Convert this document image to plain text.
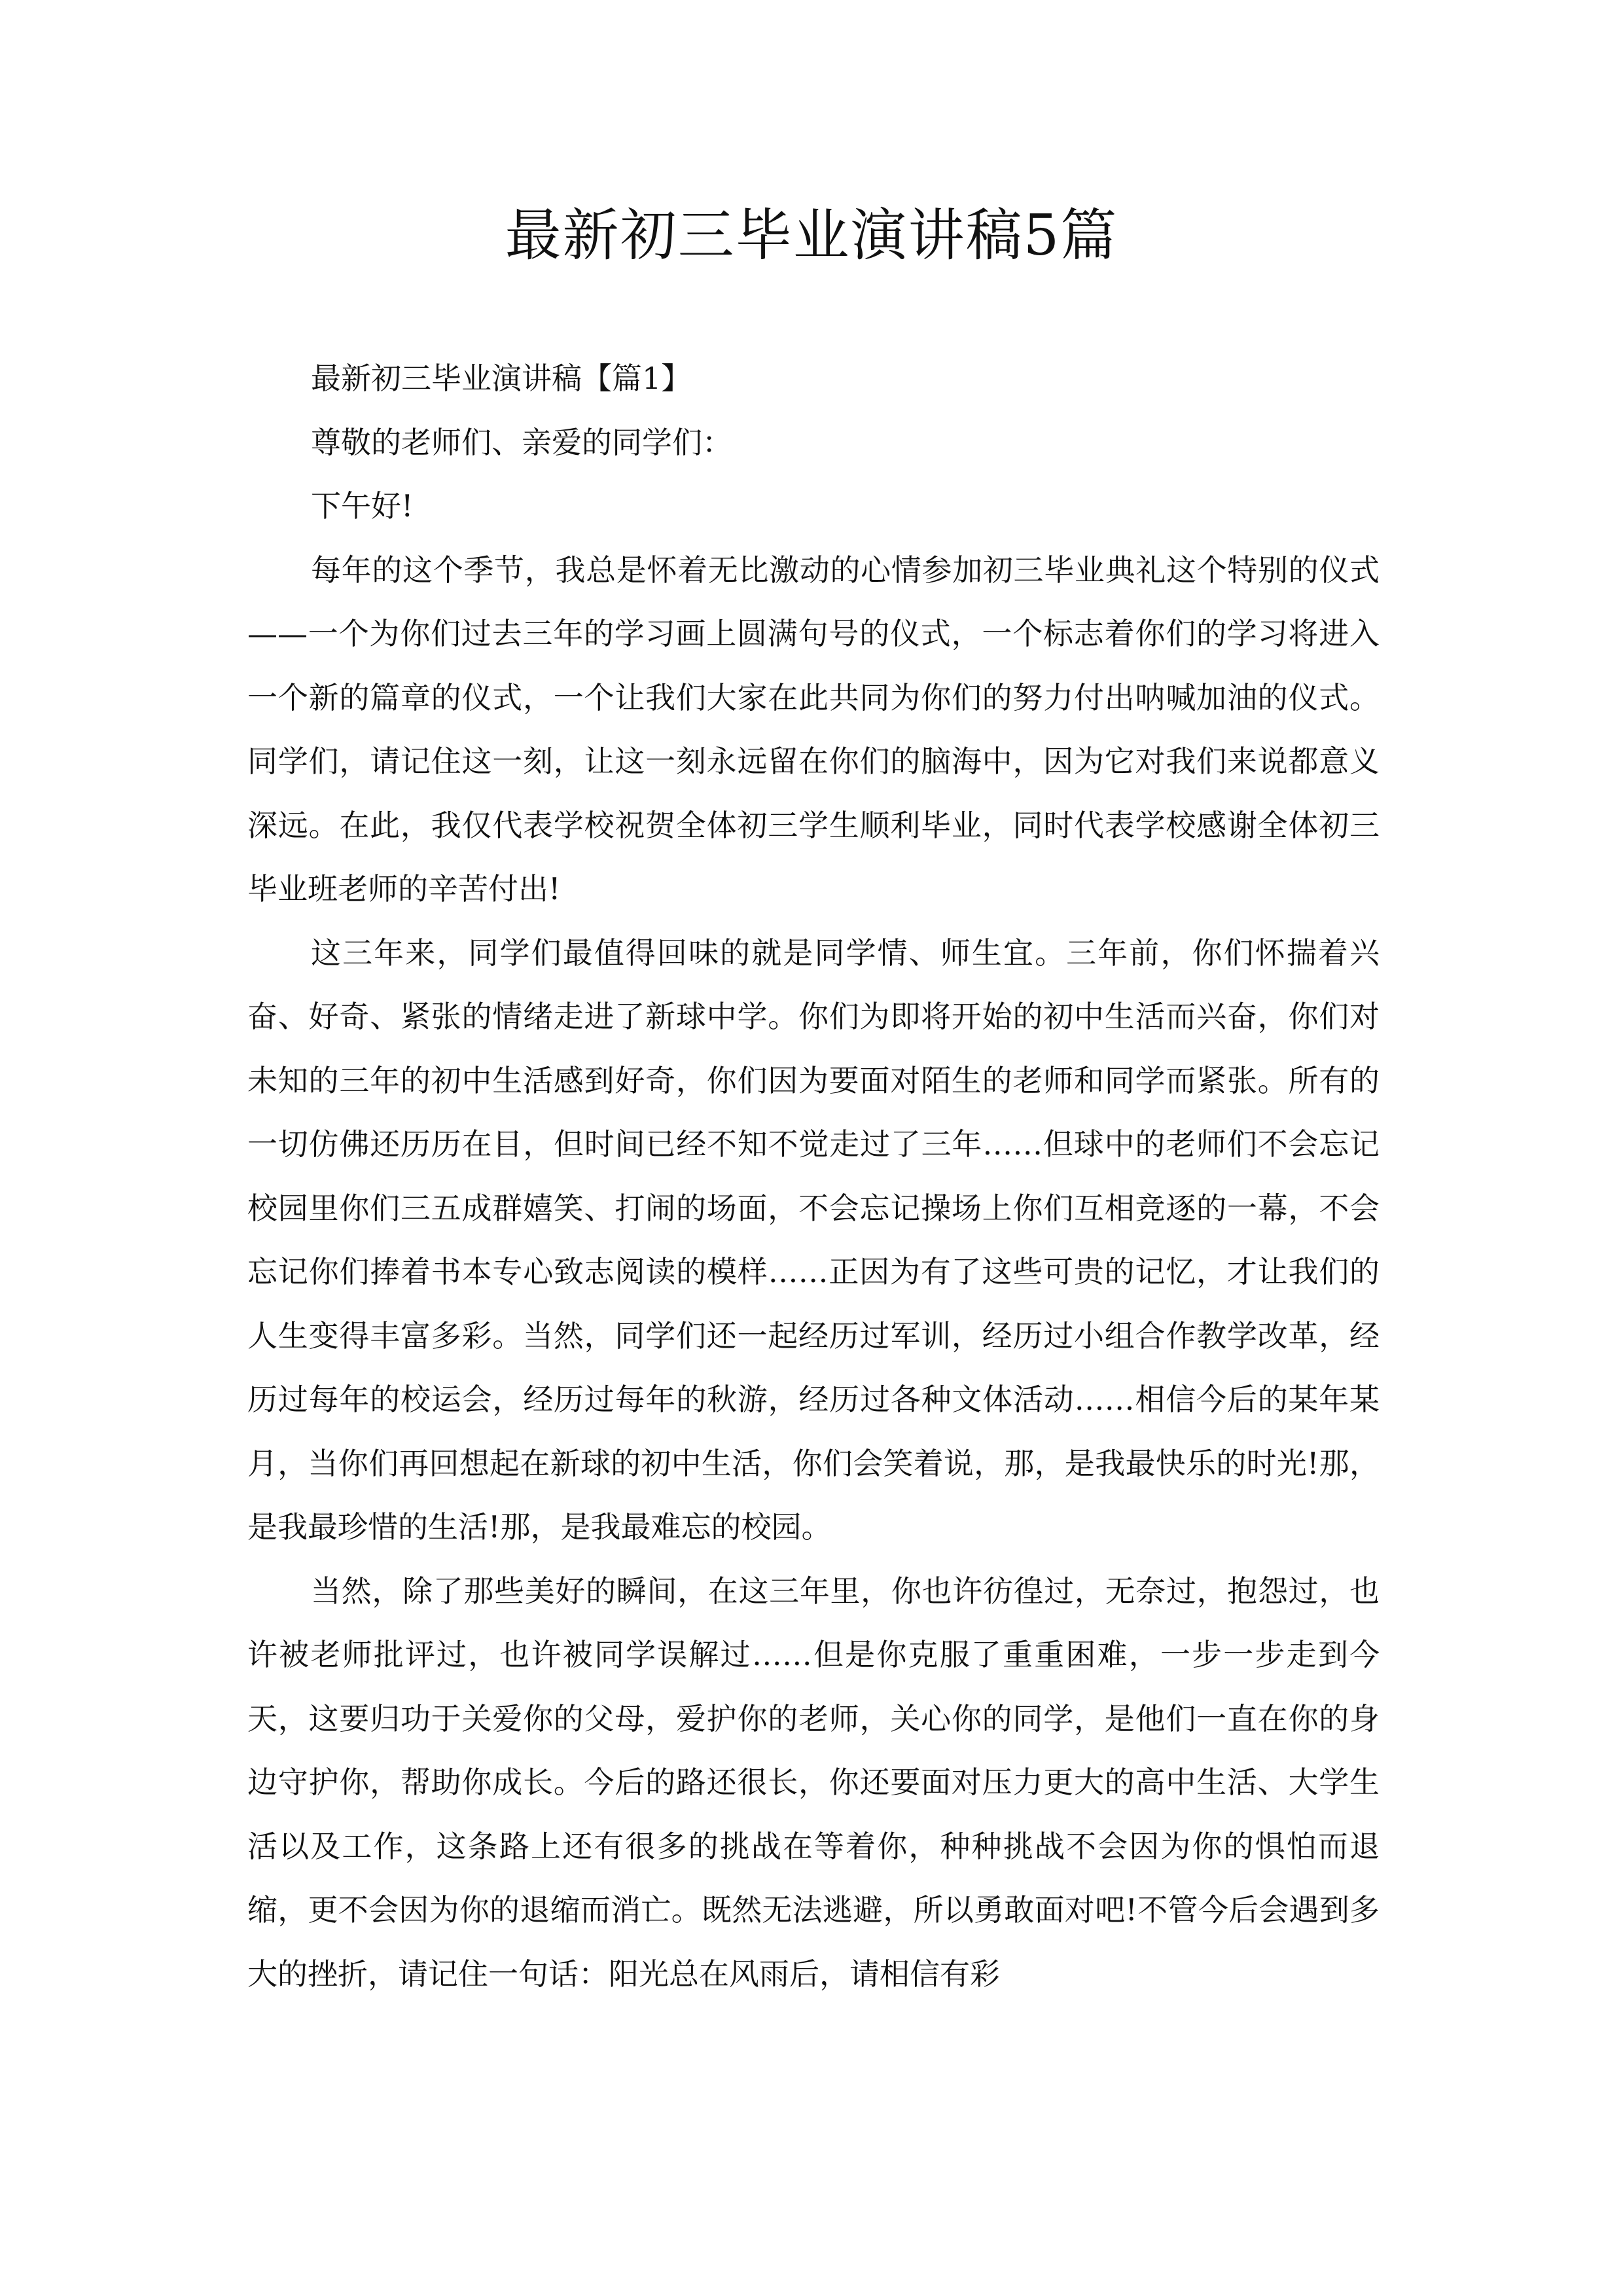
最新初三毕业演讲稿5篇

最新初三毕业演讲稿【篇1】

尊敬的老师们、亲爱的同学们：

下午好!

每年的这个季节，我总是怀着无比激动的心情参加初三毕业典礼这个特别的仪式——一个为你们过去三年的学习画上圆满句号的仪式，一个标志着你们的学习将进入一个新的篇章的仪式，一个让我们大家在此共同为你们的努力付出呐喊加油的仪式。同学们，请记住这一刻，让这一刻永远留在你们的脑海中，因为它对我们来说都意义深远。在此，我仅代表学校祝贺全体初三学生顺利毕业，同时代表学校感谢全体初三毕业班老师的辛苦付出!

这三年来，同学们最值得回味的就是同学情、师生宜。三年前，你们怀揣着兴奋、好奇、紧张的情绪走进了新球中学。你们为即将开始的初中生活而兴奋，你们对未知的三年的初中生活感到好奇，你们因为要面对陌生的老师和同学而紧张。所有的一切仿佛还历历在目，但时间已经不知不觉走过了三年……但球中的老师们不会忘记校园里你们三五成群嬉笑、打闹的场面，不会忘记操场上你们互相竞逐的一幕，不会忘记你们捧着书本专心致志阅读的模样……正因为有了这些可贵的记忆，才让我们的人生变得丰富多彩。当然，同学们还一起经历过军训，经历过小组合作教学改革，经历过每年的校运会，经历过每年的秋游，经历过各种文体活动……相信今后的某年某月，当你们再回想起在新球的初中生活，你们会笑着说，那，是我最快乐的时光!那，是我最珍惜的生活!那，是我最难忘的校园。

当然，除了那些美好的瞬间，在这三年里，你也许彷徨过，无奈过，抱怨过，也许被老师批评过，也许被同学误解过……但是你克服了重重困难，一步一步走到今天，这要归功于关爱你的父母，爱护你的老师，关心你的同学，是他们一直在你的身边守护你，帮助你成长。今后的路还很长，你还要面对压力更大的高中生活、大学生活以及工作，这条路上还有很多的挑战在等着你，种种挑战不会因为你的惧怕而退缩，更不会因为你的退缩而消亡。既然无法逃避，所以勇敢面对吧!不管今后会遇到多大的挫折，请记住一句话：阳光总在风雨后，请相信有彩
